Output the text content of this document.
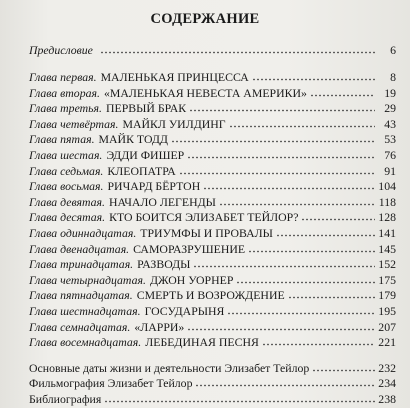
СОДЕРЖАНИЕ
Предисловие	6
Глава первая. МАЛЕНЬКАЯ ПРИНЦЕССА	8
Глава вторая. «МАЛЕНЬКАЯ НЕВЕСТА АМЕРИКИ»	19
Глава третья. ПЕРВЫЙ БРАК	29
Глава четвёртая. МАЙКЛ УИЛДИНГ	43
Глава пятая. МАЙК ТОДД	53
Глава шестая. ЭДДИ ФИШЕР	76
Глава седьмая. КЛЕОПАТРА	91
Глава восьмая. РИЧАРД БЁРТОН	104
Глава девятая. НАЧАЛО ЛЕГЕНДЫ	118
Глава десятая. КТО БОИТСЯ ЭЛИЗАБЕТ ТЕЙЛОР?	128
Глава одиннадцатая. ТРИУМФЫ И ПРОВАЛЫ	141
Глава двенадцатая. САМОРАЗРУШЕНИЕ	145
Глава тринадцатая. РАЗВОДЫ	152
Глава четырнадцатая. ДЖОН УОРНЕР	175
Глава пятнадцатая. СМЕРТЬ И ВОЗРОЖДЕНИЕ	179
Глава шестнадцатая. ГОСУДАРЫНЯ	195
Глава семнадцатая. «ЛАРРИ»	207
Глава восемнадцатая. ЛЕБЕДИНАЯ ПЕСНЯ	221
Основные даты жизни и деятельности Элизабет Тейлор	232
Фильмография Элизабет Тейлор	234
Библиография	238
